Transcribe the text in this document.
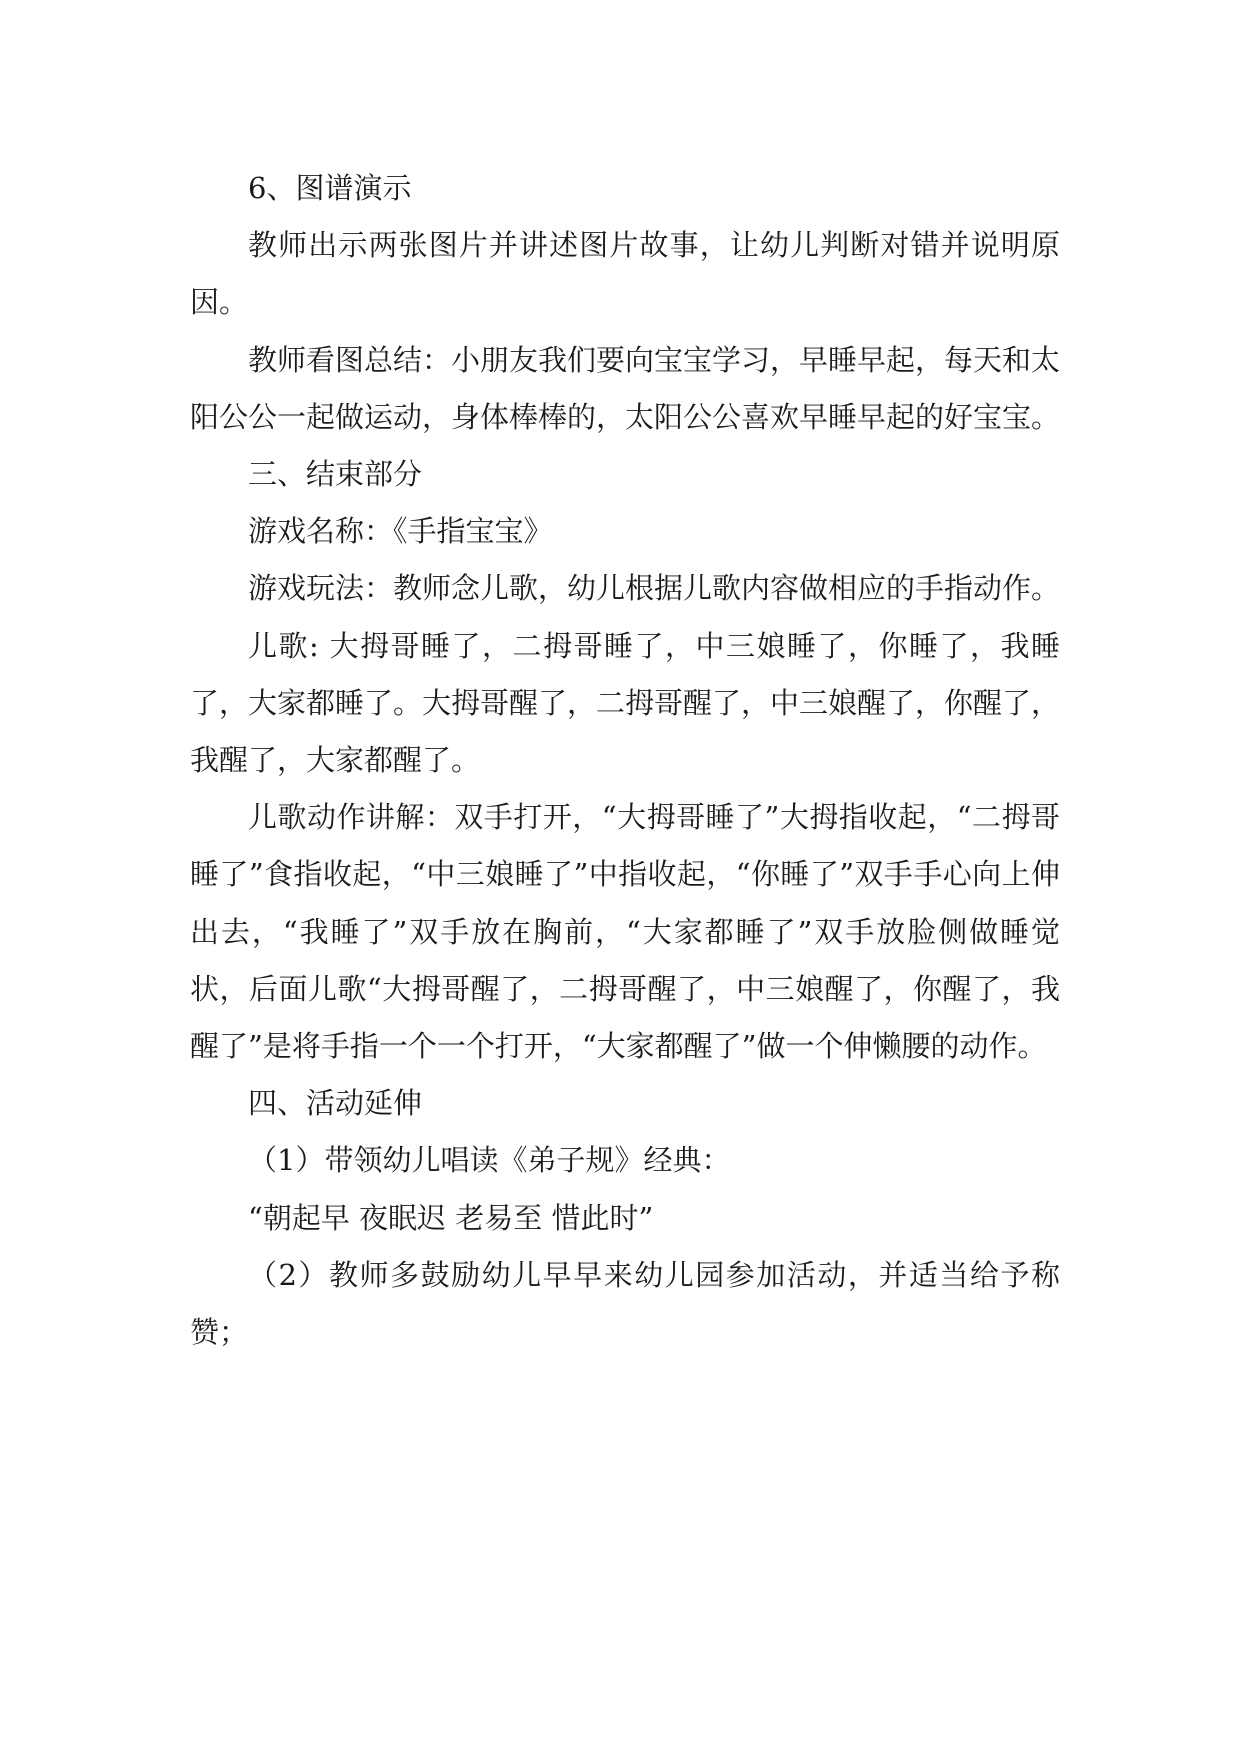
6、图谱演示

教师出示两张图片并讲述图片故事，让幼儿判断对错并说明原因。

教师看图总结：小朋友我们要向宝宝学习，早睡早起，每天和太阳公公一起做运动，身体棒棒的，太阳公公喜欢早睡早起的好宝宝。

三、结束部分

游戏名称：《手指宝宝》

游戏玩法：教师念儿歌，幼儿根据儿歌内容做相应的手指动作。

儿歌: 大拇哥睡了，二拇哥睡了，中三娘睡了，你睡了，我睡了，大家都睡了。大拇哥醒了，二拇哥醒了，中三娘醒了，你醒了，我醒了，大家都醒了。

儿歌动作讲解：双手打开，“大拇哥睡了”大拇指收起，“二拇哥睡了”食指收起，“中三娘睡了”中指收起，“你睡了”双手手心向上伸出去，“我睡了”双手放在胸前，“大家都睡了”双手放脸侧做睡觉状，后面儿歌“大拇哥醒了，二拇哥醒了，中三娘醒了，你醒了，我醒了”是将手指一个一个打开，“大家都醒了”做一个伸懒腰的动作。

四、活动延伸

（1）带领幼儿唱读《弟子规》经典：

“朝起早 夜眠迟 老易至 惜此时”

（2）教师多鼓励幼儿早早来幼儿园参加活动，并适当给予称赞；
